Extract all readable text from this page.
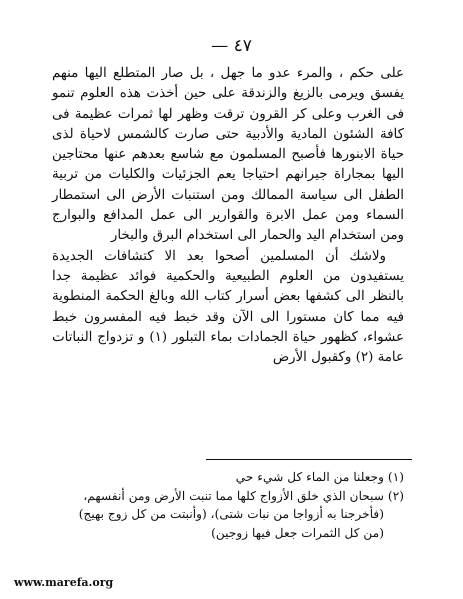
— ٤٧

على حكم ، والمرء عدو ما جهل ، بل صار المتطلع اليها منهم يفسق ويرمى بالزيغ والزندقة على حين أخذت هذه العلوم تنمو فى الغرب وعلى كر القرون ترقت وظهر لها ثمرات عظيمة فى كافة الشئون المادية والأدبية حتى صارت كالشمس لاحياة لذى حياة الابنورها فأصبح المسلمون مع شاسع بعدهم عنها محتاجين اليها بمجاراة جيرانهم احتياجا يعم الجزئيات والكليات من تربية الطفل الى سياسة الممالك ومن استنبات الأرض الى استمطار السماء ومن عمل الابرة والقوارير الى عمل المدافع والبوارج ومن استخدام اليد والحمار الى استخدام البرق والبخار

ولاشك أن المسلمين أصحوا بعد الا كتشافات الجديدة يستفيدون من العلوم الطبيعية والحكمية فوائد عظيمة جدا بالنظر الى كشفها بعض أسرار كتاب الله وبالغ الحكمة المنطوية فيه مما كان مستورا الى الآن وقد خبط فيه المفسرون خبط عشواء، كظهور حياة الجمادات بماء التبلور (١) و تزدواج النباتات عامة (٢) وكقبول الأرض

(١) وجعلنا من الماء كل شيء حي
(٢) سبحان الذي خلق الأزواج كلها مما تنبت الأرض ومن أنفسهم،
(فأخرجنا به أزواجا من نبات شتى)، (وأنبتت من كل زوج بهيج)
(من كل الثمرات جعل فيها زوجين)
www.marefa.org
